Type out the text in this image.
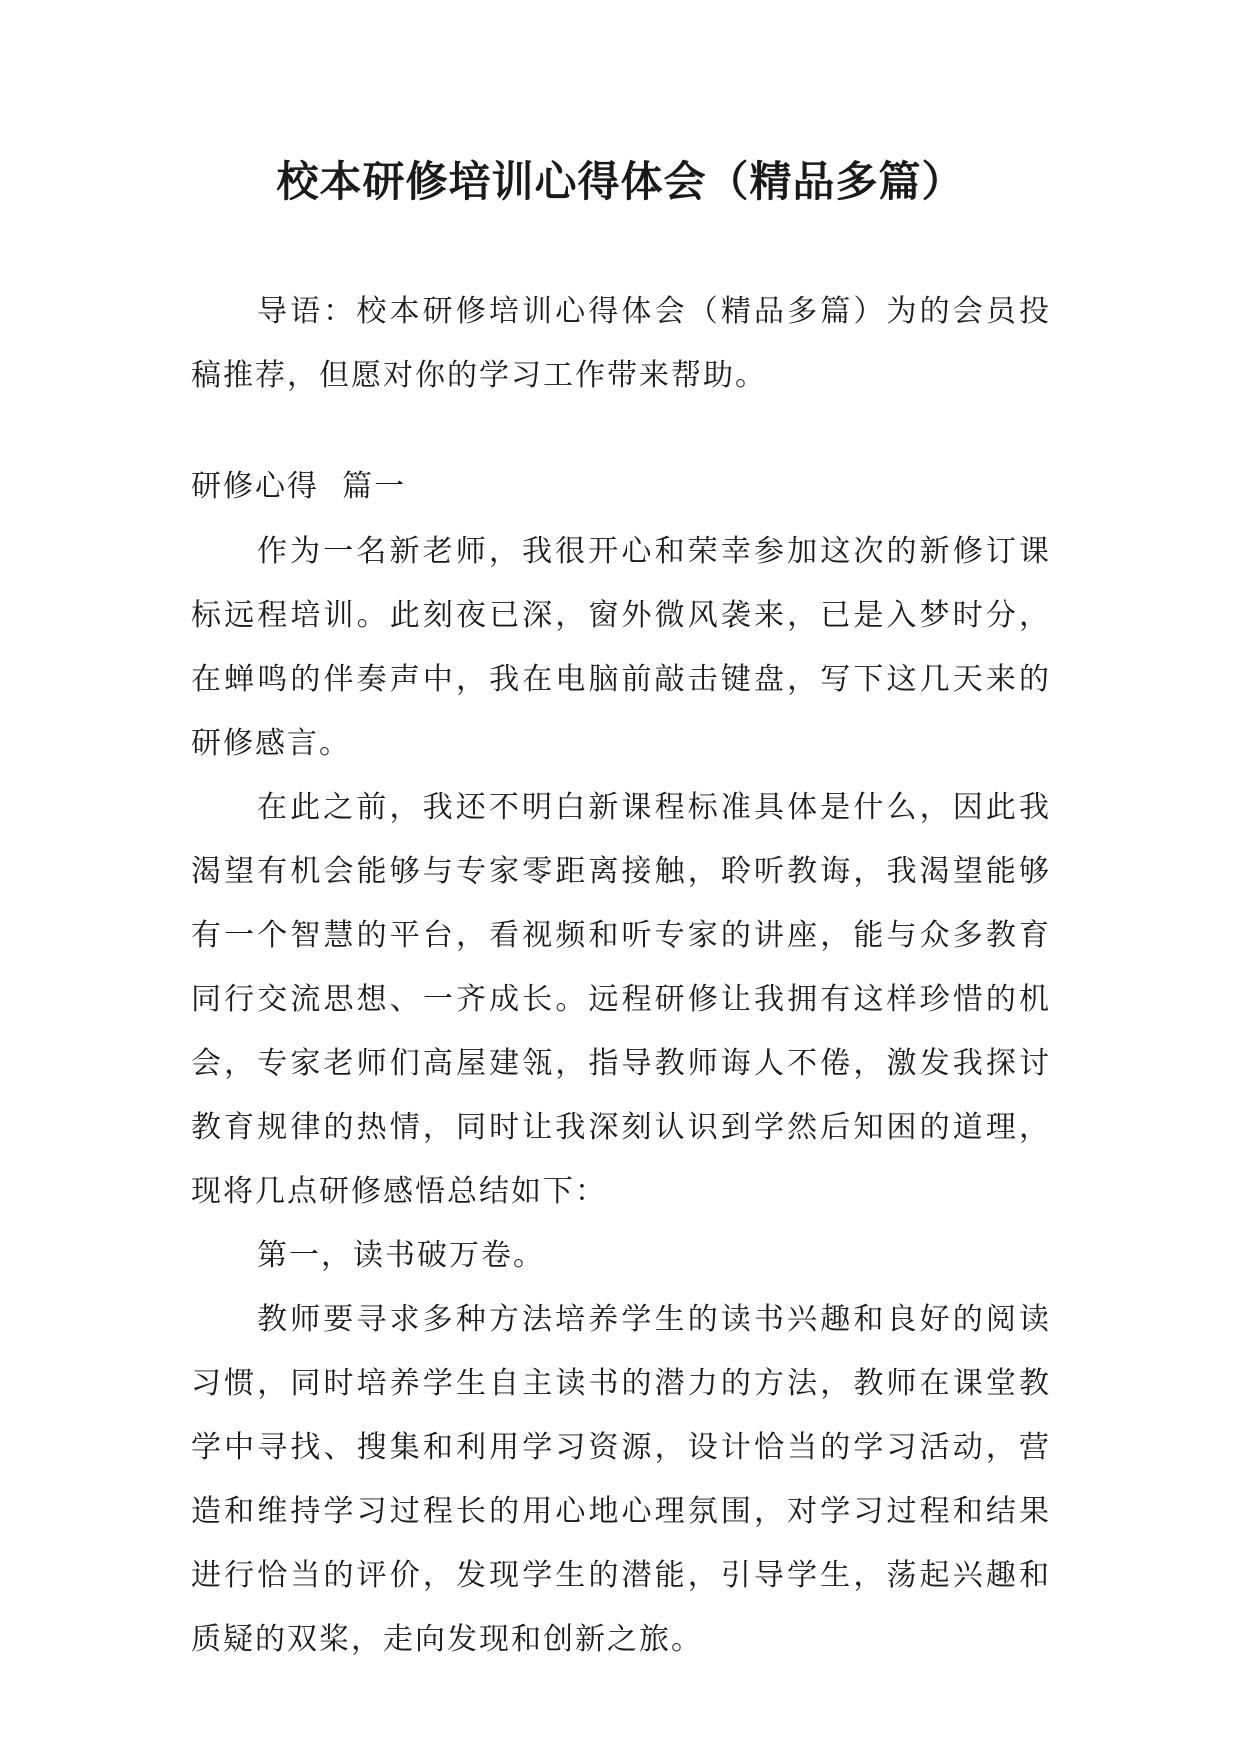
校本研修培训心得体会（精品多篇）

导语：校本研修培训心得体会（精品多篇）为的会员投稿推荐，但愿对你的学习工作带来帮助。

研修心得  篇一

作为一名新老师，我很开心和荣幸参加这次的新修订课标远程培训。此刻夜已深，窗外微风袭来，已是入梦时分，在蝉鸣的伴奏声中，我在电脑前敲击键盘，写下这几天来的研修感言。

在此之前，我还不明白新课程标准具体是什么，因此我渴望有机会能够与专家零距离接触，聆听教诲，我渴望能够有一个智慧的平台，看视频和听专家的讲座，能与众多教育同行交流思想、一齐成长。远程研修让我拥有这样珍惜的机会，专家老师们高屋建瓴，指导教师诲人不倦，激发我探讨教育规律的热情，同时让我深刻认识到学然后知困的道理，现将几点研修感悟总结如下：

第一，读书破万卷。

教师要寻求多种方法培养学生的读书兴趣和良好的阅读习惯，同时培养学生自主读书的潜力的方法，教师在课堂教学中寻找、搜集和利用学习资源，设计恰当的学习活动，营造和维持学习过程长的用心地心理氛围，对学习过程和结果进行恰当的评价，发现学生的潜能，引导学生，荡起兴趣和质疑的双桨，走向发现和创新之旅。
